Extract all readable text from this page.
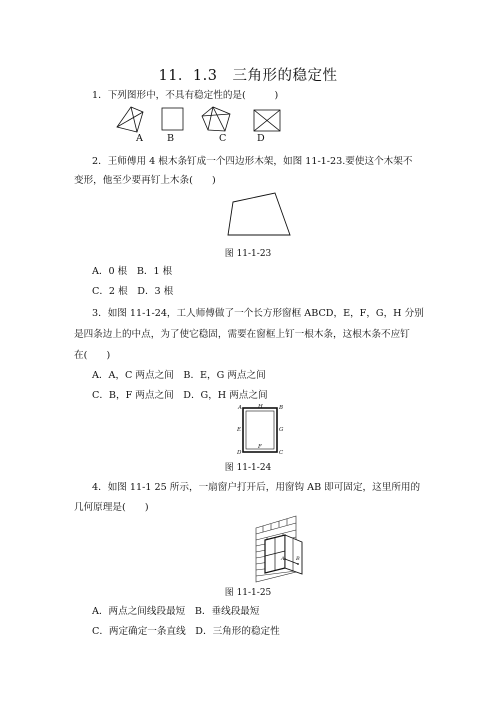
11．1.3　三角形的稳定性
1．下列图形中，不具有稳定性的是(　　　)
A	B	C	D
2．王师傅用 4 根木条钉成一个四边形木架，如图 11-1-23.要使这个木架不
变形，他至少要再钉上木条(　　)
图 11-1-23
A．0 根　B．1 根
C．2 根　D．3 根
3．如图 11-1-24，工人师傅做了一个长方形窗框 ABCD，E，F，G，H 分别
是四条边上的中点，为了使它稳固，需要在窗框上钉一根木条，这根木条不应钉
在(　　)
A．A，C 两点之间　B．E，G 两点之间
C．B，F 两点之间　D．G，H 两点之间
A	H	B
E	G
F
D	C
图 11-1-24
4．如图 11-1 25 所示，一扇窗户打开后，用窗钩 AB 即可固定，这里所用的
几何原理是(　　)
A B
图 11-1-25
A．两点之间线段最短　B．垂线段最短
C．两定确定一条直线　D．三角形的稳定性
